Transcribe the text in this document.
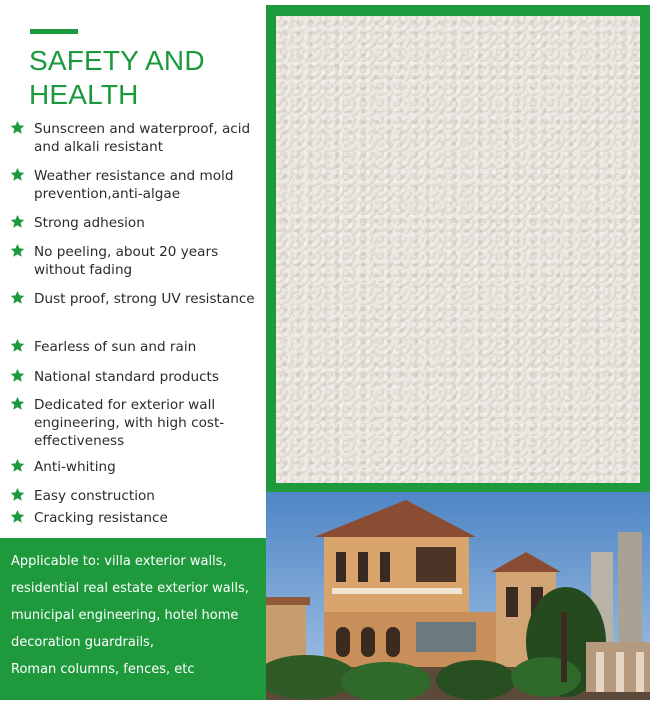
SAFETY AND HEALTH
Sunscreen and waterproof, acid and alkali resistant
Weather resistance and mold prevention,anti-algae
Strong adhesion
No peeling, about 20 years without fading
Dust proof, strong UV resistance
Fearless of sun and rain
National standard products
Dedicated for exterior wall engineering, with high cost-effectiveness
Anti-whiting
Easy construction
Cracking resistance
Applicable to: villa exterior walls,
residential real estate exterior walls,
municipal engineering, hotel home
decoration guardrails,
Roman columns, fences, etc
